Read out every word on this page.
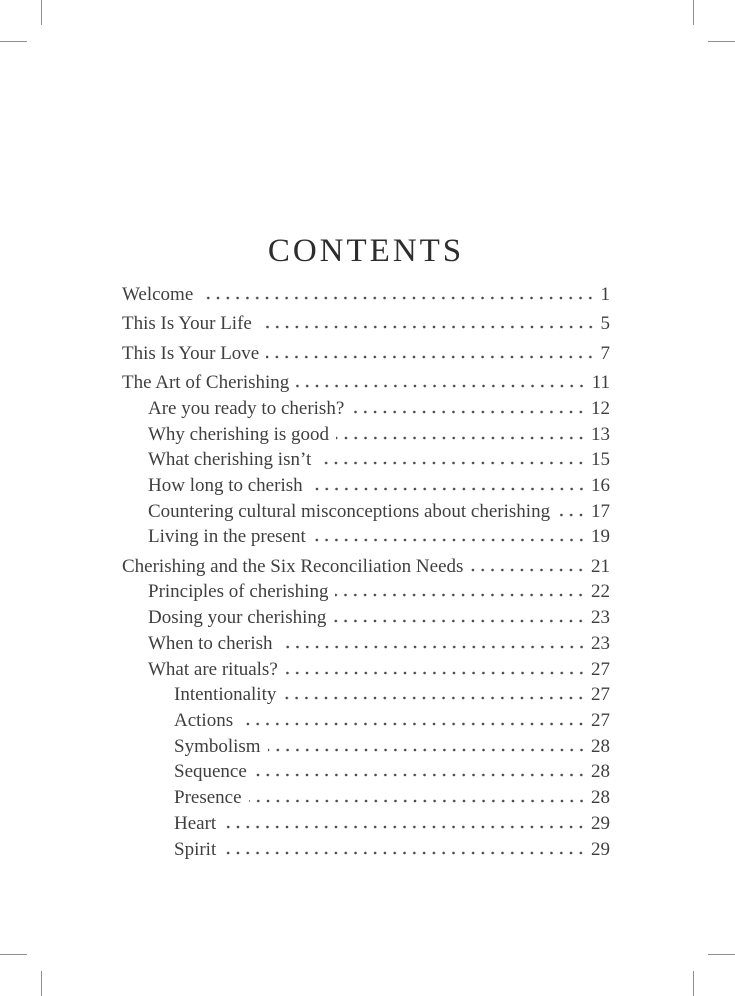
CONTENTS
Welcome	1
This Is Your Life	5
This Is Your Love	7
The Art of Cherishing	11
Are you ready to cherish?	12
Why cherishing is good	13
What cherishing isn’t	15
How long to cherish	16
Countering cultural misconceptions about cherishing 17
Living in the present	19
Cherishing and the Six Reconciliation Needs	21
Principles of cherishing	22
Dosing your cherishing	23
When to cherish	23
What are rituals?	27
Intentionality	27
Actions	27
Symbolism	28
Sequence	28
Presence	28
Heart	29
Spirit	29
